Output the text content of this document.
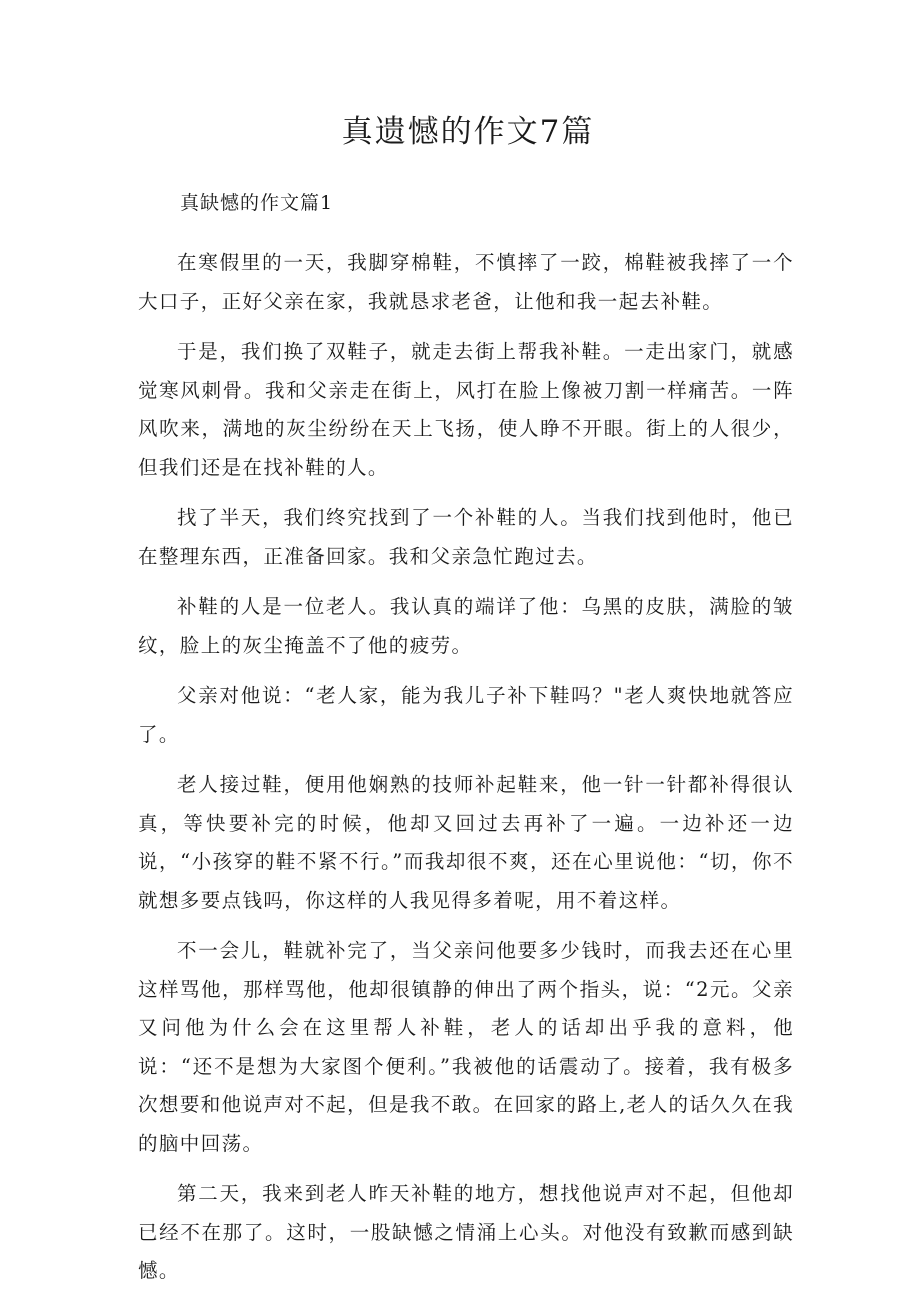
真遗憾的作文7篇
真缺憾的作文篇1

在寒假里的一天，我脚穿棉鞋，不慎摔了一跤，棉鞋被我摔了一个大口子，正好父亲在家，我就恳求老爸，让他和我一起去补鞋。

于是，我们换了双鞋子，就走去街上帮我补鞋。一走出家门，就感觉寒风刺骨。我和父亲走在街上，风打在脸上像被刀割一样痛苦。一阵风吹来，满地的灰尘纷纷在天上飞扬，使人睁不开眼。街上的人很少，但我们还是在找补鞋的人。

找了半天，我们终究找到了一个补鞋的人。当我们找到他时，他已在整理东西，正准备回家。我和父亲急忙跑过去。

补鞋的人是一位老人。我认真的端详了他：乌黑的皮肤，满脸的皱纹，脸上的灰尘掩盖不了他的疲劳。

父亲对他说：“老人家，能为我儿子补下鞋吗？"老人爽快地就答应了。

老人接过鞋，便用他娴熟的技师补起鞋来，他一针一针都补得很认真，等快要补完的时候，他却又回过去再补了一遍。一边补还一边说，“小孩穿的鞋不紧不行。”而我却很不爽，还在心里说他：“切，你不就想多要点钱吗，你这样的人我见得多着呢，用不着这样。

不一会儿，鞋就补完了，当父亲问他要多少钱时，而我去还在心里这样骂他，那样骂他，他却很镇静的伸出了两个指头，说：“2元。父亲又问他为什么会在这里帮人补鞋，老人的话却出乎我的意料，他说：“还不是想为大家图个便利。”我被他的话震动了。接着，我有极多次想要和他说声对不起，但是我不敢。在回家的路上,老人的话久久在我的脑中回荡。

第二天，我来到老人昨天补鞋的地方，想找他说声对不起，但他却已经不在那了。这时，一股缺憾之情涌上心头。对他没有致歉而感到缺憾。
